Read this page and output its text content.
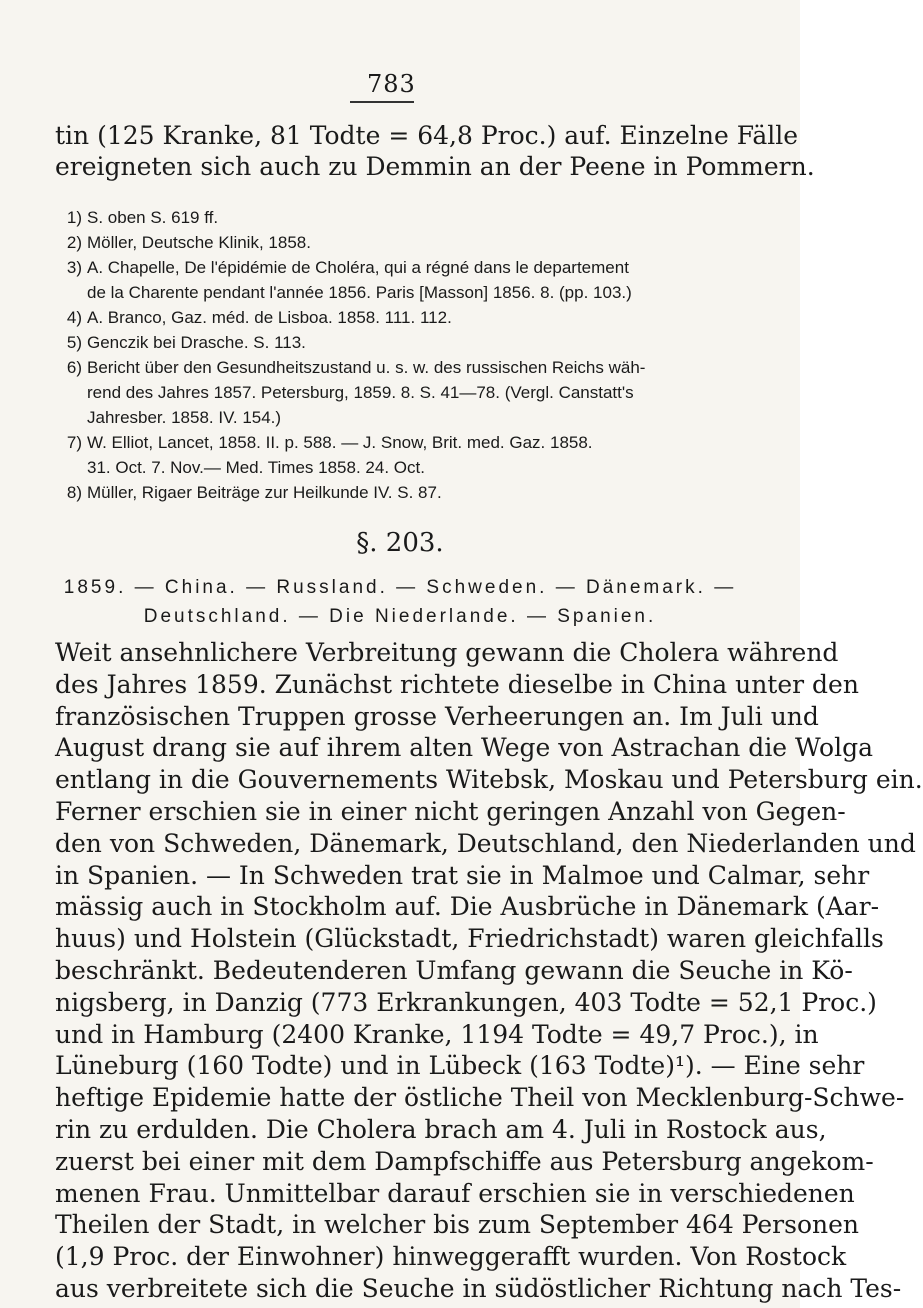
783
tin (125 Kranke, 81 Todte = 64,8 Proc.) auf. Einzelne Fälle
ereigneten sich auch zu Demmin an der Peene in Pommern.
1) S. oben S. 619 ff.
2) Möller, Deutsche Klinik, 1858.
3) A. Chapelle, De l'épidémie de Choléra, qui a régné dans le departement
de la Charente pendant l'année 1856. Paris [Masson] 1856. 8. (pp. 103.)
4) A. Branco, Gaz. méd. de Lisboa. 1858. 111. 112.
5) Genczik bei Drasche. S. 113.
6) Bericht über den Gesundheitszustand u. s. w. des russischen Reichs wäh-
rend des Jahres 1857. Petersburg, 1859. 8. S. 41—78. (Vergl. Canstatt's
Jahresber. 1858. IV. 154.)
7) W. Elliot, Lancet, 1858. II. p. 588. — J. Snow, Brit. med. Gaz. 1858.
31. Oct. 7. Nov.— Med. Times 1858. 24. Oct.
8) Müller, Rigaer Beiträge zur Heilkunde IV. S. 87.
§. 203.
1859. — China. — Russland. — Schweden. — Dänemark. —
Deutschland. — Die Niederlande. — Spanien.
Weit ansehnlichere Verbreitung gewann die Cholera während
des Jahres 1859. Zunächst richtete dieselbe in China unter den
französischen Truppen grosse Verheerungen an. Im Juli und
August drang sie auf ihrem alten Wege von Astrachan die Wolga
entlang in die Gouvernements Witebsk, Moskau und Petersburg ein.
Ferner erschien sie in einer nicht geringen Anzahl von Gegen-
den von Schweden, Dänemark, Deutschland, den Niederlanden und
in Spanien. — In Schweden trat sie in Malmoe und Calmar, sehr
mässig auch in Stockholm auf. Die Ausbrüche in Dänemark (Aar-
huus) und Holstein (Glückstadt, Friedrichstadt) waren gleichfalls
beschränkt. Bedeutenderen Umfang gewann die Seuche in Kö-
nigsberg, in Danzig (773 Erkrankungen, 403 Todte = 52,1 Proc.)
und in Hamburg (2400 Kranke, 1194 Todte = 49,7 Proc.), in
Lüneburg (160 Todte) und in Lübeck (163 Todte)¹). — Eine sehr
heftige Epidemie hatte der östliche Theil von Mecklenburg-Schwe-
rin zu erdulden. Die Cholera brach am 4. Juli in Rostock aus,
zuerst bei einer mit dem Dampfschiffe aus Petersburg angekom-
menen Frau. Unmittelbar darauf erschien sie in verschiedenen
Theilen der Stadt, in welcher bis zum September 464 Personen
(1,9 Proc. der Einwohner) hinweggerafft wurden. Von Rostock
aus verbreitete sich die Seuche in südöstlicher Richtung nach Tes-
